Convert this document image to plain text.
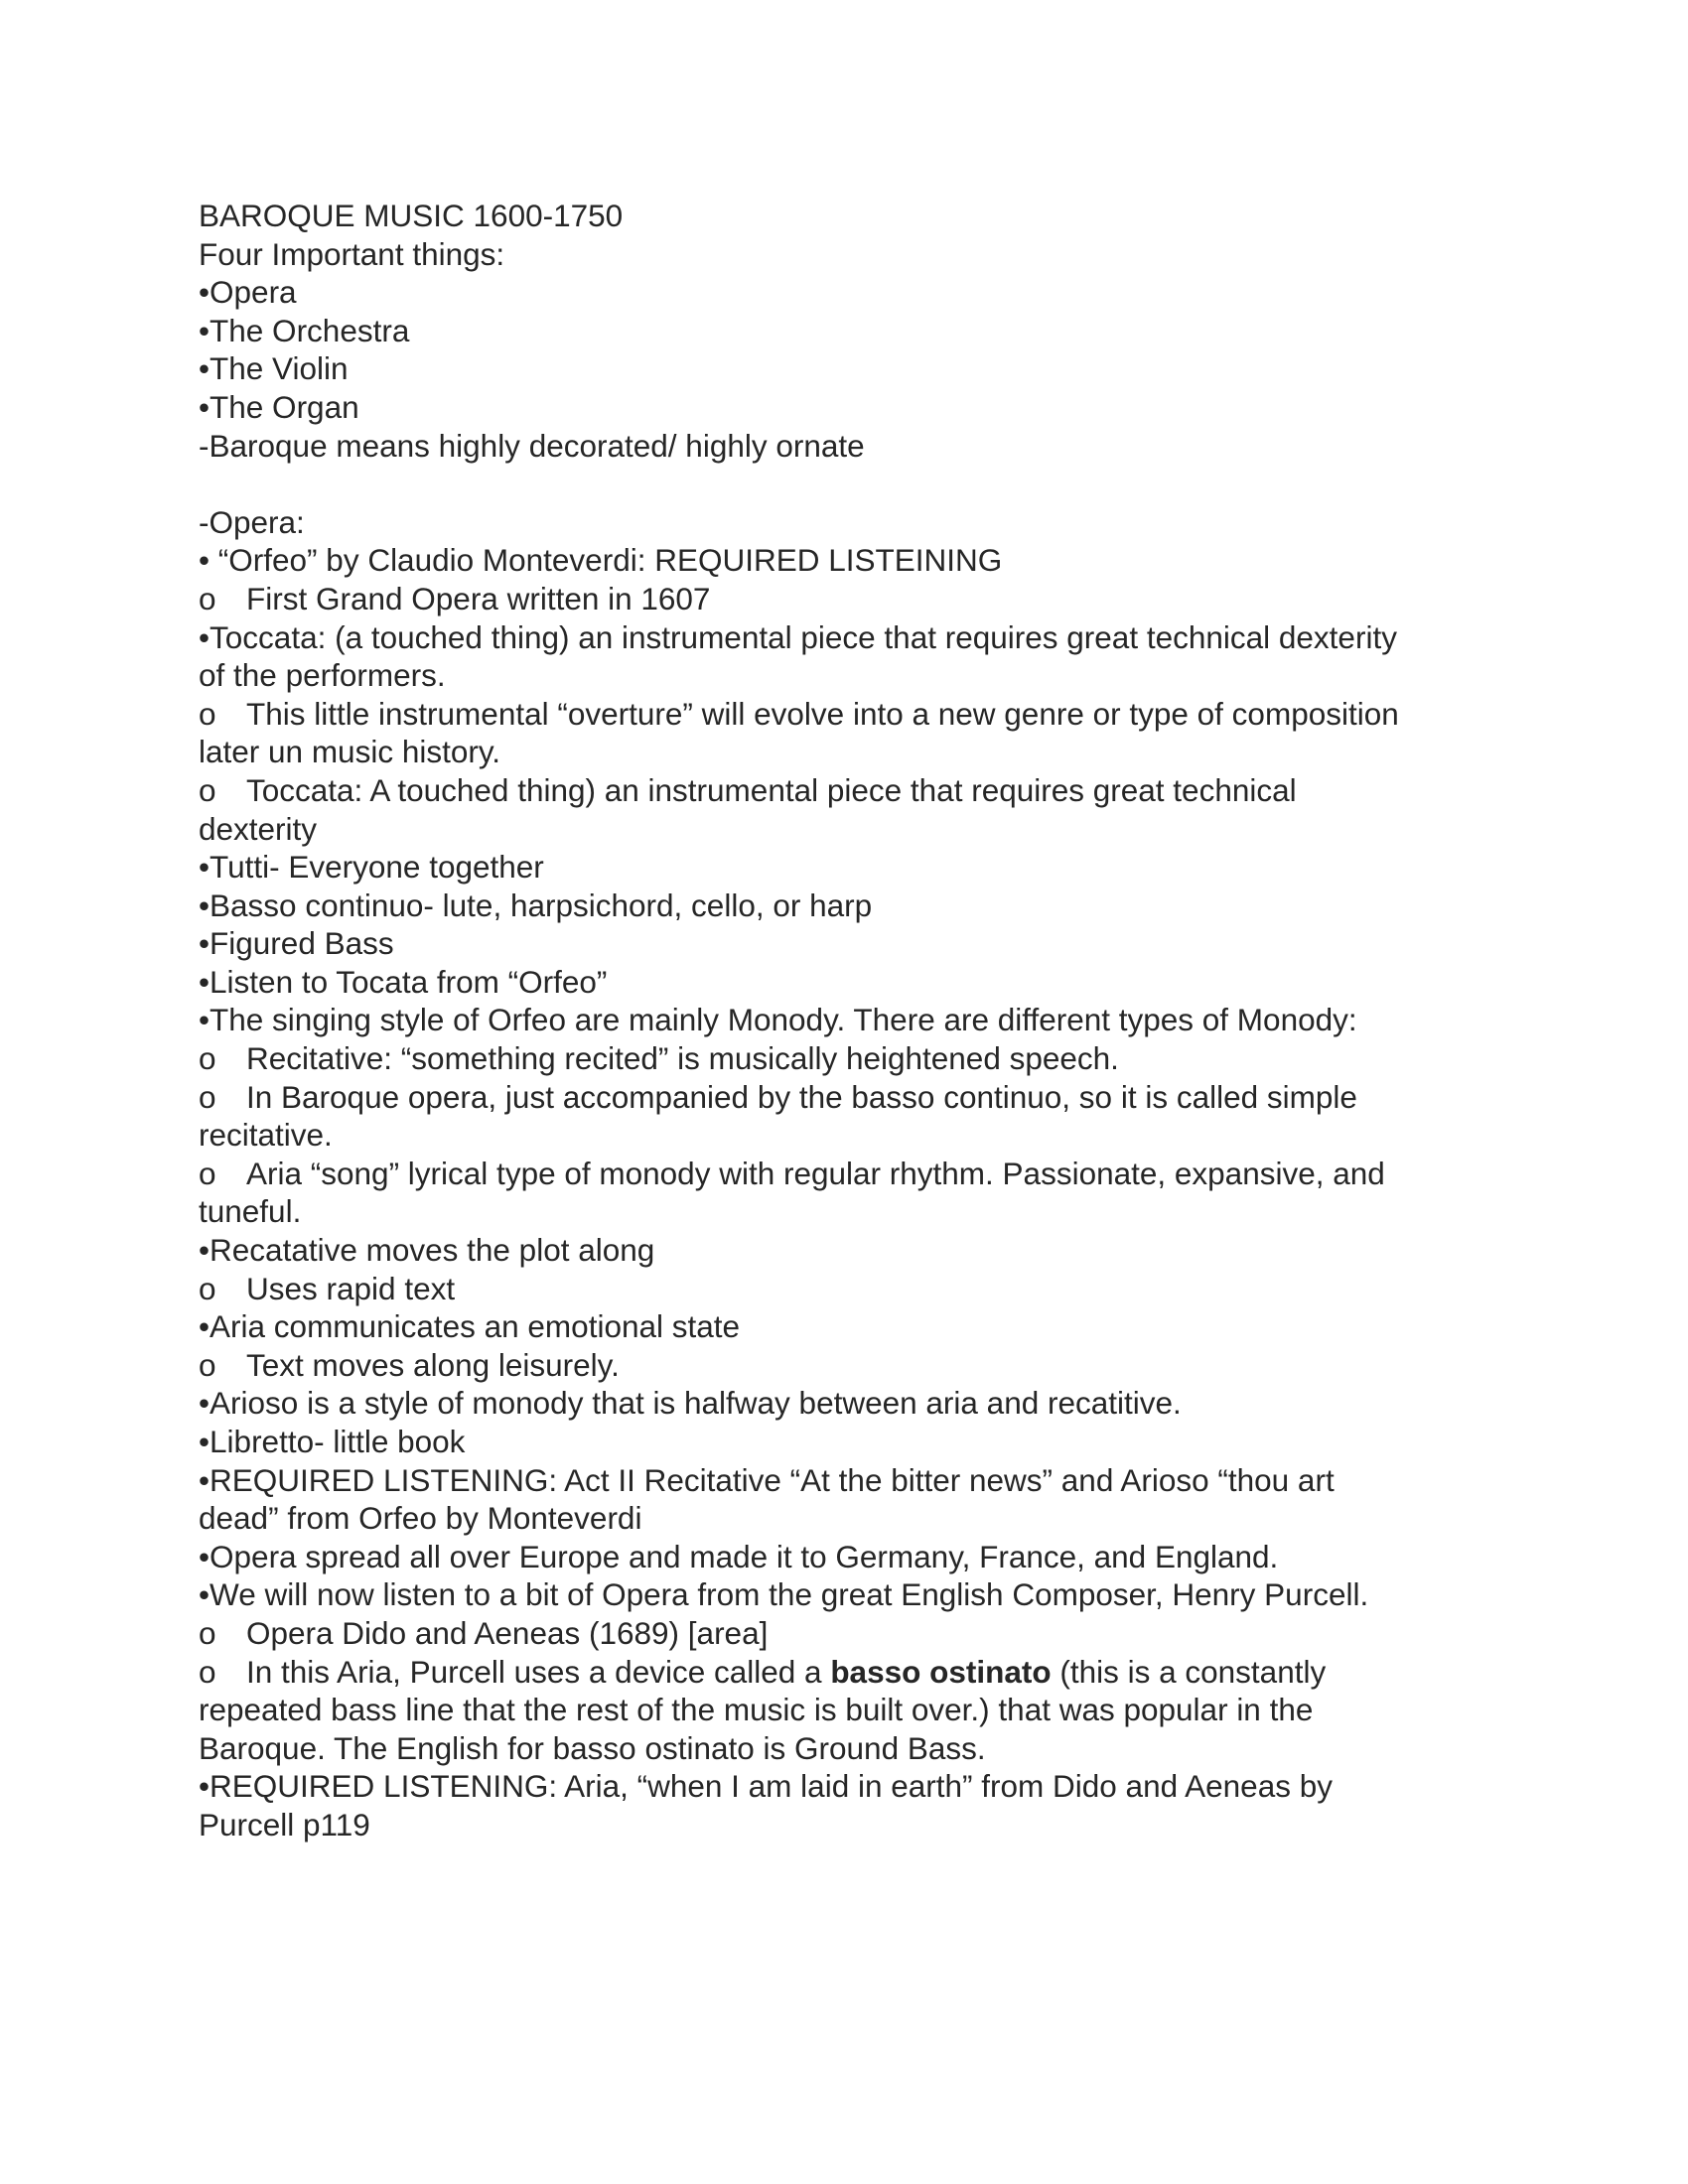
BAROQUE MUSIC 1600-1750
Four Important things:
•Opera
•The Orchestra
•The Violin
•The Organ
-Baroque means highly decorated/ highly ornate
-Opera:
• “Orfeo” by Claudio Monteverdi: REQUIRED LISTEINING
o First Grand Opera written in 1607
•Toccata: (a touched thing) an instrumental piece that requires great technical dexterity
of the performers.
o This little instrumental “overture” will evolve into a new genre or type of composition
later un music history.
o Toccata: A touched thing) an instrumental piece that requires great technical
dexterity
•Tutti- Everyone together
•Basso continuo- lute, harpsichord, cello, or harp
•Figured Bass
•Listen to Tocata from “Orfeo”
•The singing style of Orfeo are mainly Monody. There are different types of Monody:
o Recitative: “something recited” is musically heightened speech.
o In Baroque opera, just accompanied by the basso continuo, so it is called simple
recitative.
o Aria “song” lyrical type of monody with regular rhythm. Passionate, expansive, and
tuneful.
•Recatative moves the plot along
o Uses rapid text
•Aria communicates an emotional state
o Text moves along leisurely.
•Arioso is a style of monody that is halfway between aria and recatitive.
•Libretto- little book
•REQUIRED LISTENING: Act II Recitative “At the bitter news” and Arioso “thou art
dead” from Orfeo by Monteverdi
•Opera spread all over Europe and made it to Germany, France, and England.
•We will now listen to a bit of Opera from the great English Composer, Henry Purcell.
o Opera Dido and Aeneas (1689) [area]
o In this Aria, Purcell uses a device called a basso ostinato (this is a constantly
repeated bass line that the rest of the music is built over.) that was popular in the
Baroque. The English for basso ostinato is Ground Bass.
•REQUIRED LISTENING: Aria, “when I am laid in earth” from Dido and Aeneas by
Purcell p119
